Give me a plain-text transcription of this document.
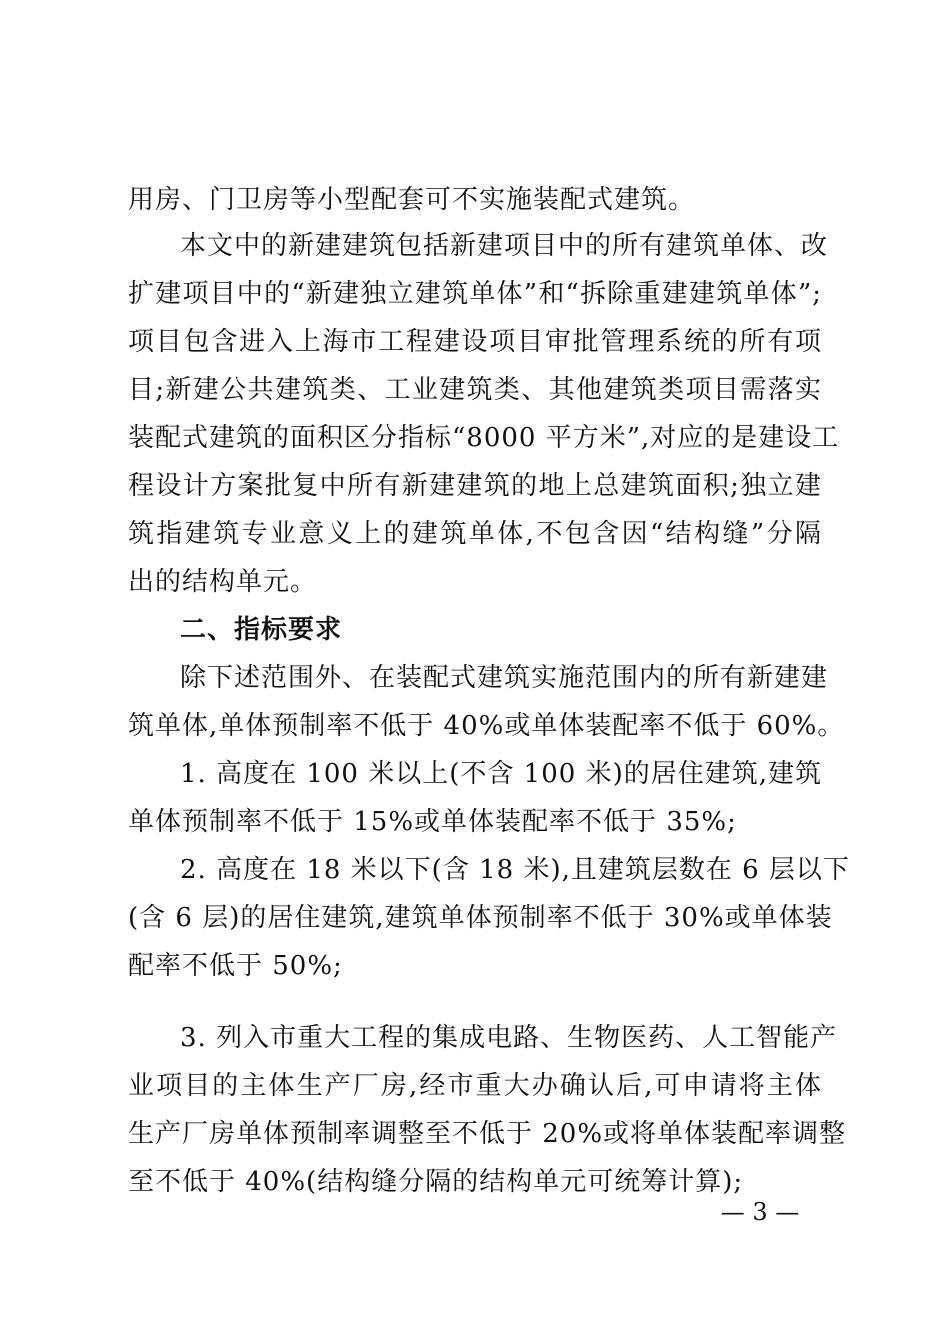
用房、门卫房等小型配套可不实施装配式建筑。
本文中的新建建筑包括新建项目中的所有建筑单体、改
扩建项目中的“新建独立建筑单体”和“拆除重建建筑单体”;
项目包含进入上海市工程建设项目审批管理系统的所有项
目;新建公共建筑类、工业建筑类、其他建筑类项目需落实
装配式建筑的面积区分指标“8000 平方米”,对应的是建设工
程设计方案批复中所有新建建筑的地上总建筑面积;独立建
筑指建筑专业意义上的建筑单体,不包含因“结构缝”分隔
出的结构单元。
二、指标要求
除下述范围外、在装配式建筑实施范围内的所有新建建
筑单体,单体预制率不低于 40%或单体装配率不低于 60%。
1. 高度在 100 米以上(不含 100 米)的居住建筑,建筑
单体预制率不低于 15%或单体装配率不低于 35%;
2. 高度在 18 米以下(含 18 米),且建筑层数在 6 层以下
(含 6 层)的居住建筑,建筑单体预制率不低于 30%或单体装
配率不低于 50%;
3. 列入市重大工程的集成电路、生物医药、人工智能产
业项目的主体生产厂房,经市重大办确认后,可申请将主体
生产厂房单体预制率调整至不低于 20%或将单体装配率调整
至不低于 40%(结构缝分隔的结构单元可统筹计算);
— 3 —
